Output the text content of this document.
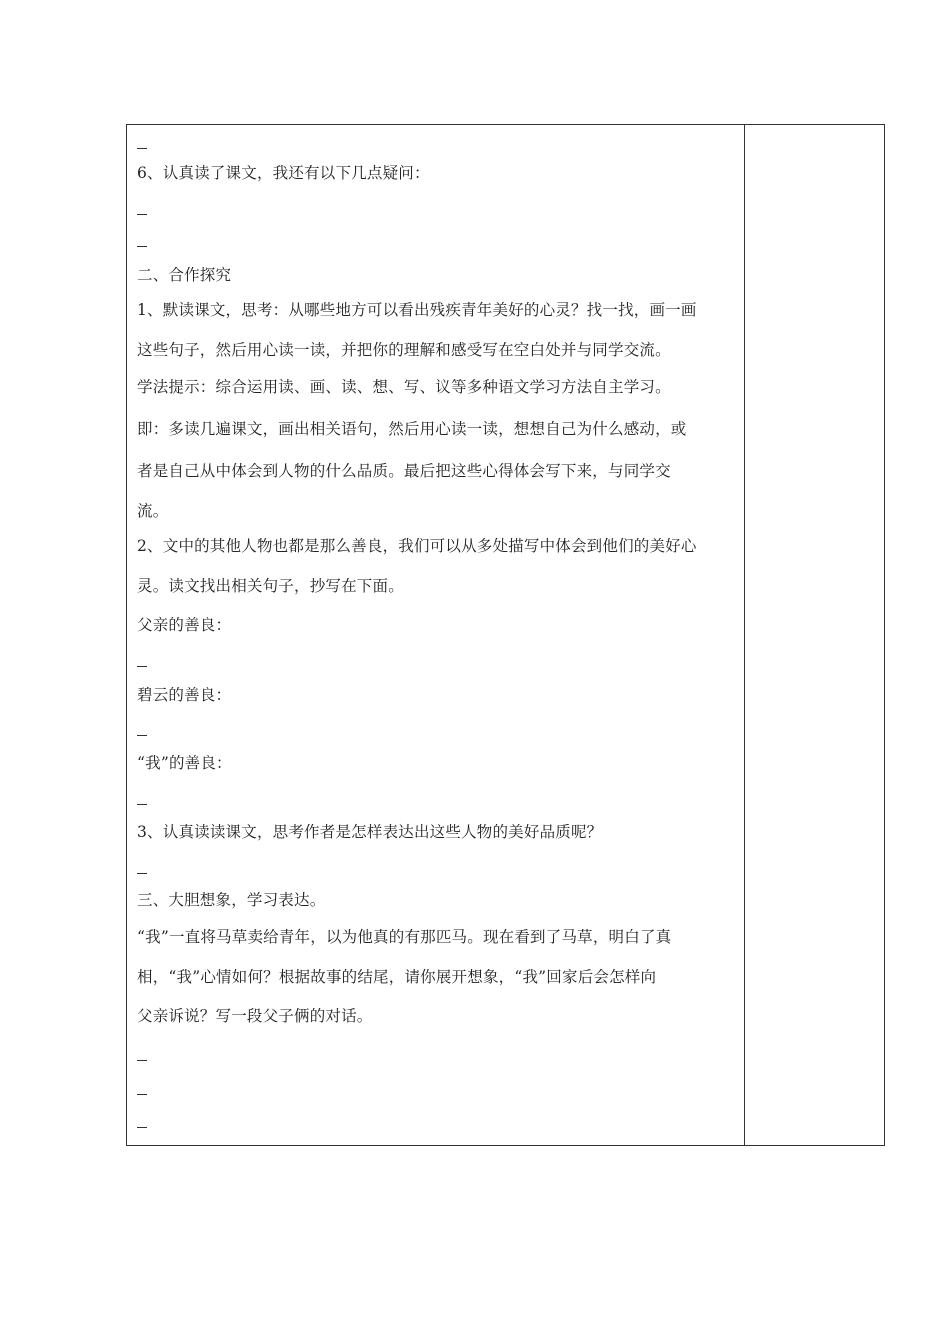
6、认真读了课文，我还有以下几点疑问：
二、合作探究
1、默读课文，思考：从哪些地方可以看出残疾青年美好的心灵？找一找，画一画
这些句子，然后用心读一读，并把你的理解和感受写在空白处并与同学交流。
学法提示：综合运用读、画、读、想、写、议等多种语文学习方法自主学习。
即：多读几遍课文，画出相关语句，然后用心读一读，想想自己为什么感动，或
者是自己从中体会到人物的什么品质。最后把这些心得体会写下来，与同学交
流。
2、文中的其他人物也都是那么善良，我们可以从多处描写中体会到他们的美好心
灵。读文找出相关句子，抄写在下面。
父亲的善良：
碧云的善良：
“我”的善良：
3、认真读读课文，思考作者是怎样表达出这些人物的美好品质呢？
三、大胆想象，学习表达。
“我”一直将马草卖给青年，以为他真的有那匹马。现在看到了马草，明白了真
相，“我”心情如何？根据故事的结尾，请你展开想象，“我”回家后会怎样向
父亲诉说？写一段父子俩的对话。
